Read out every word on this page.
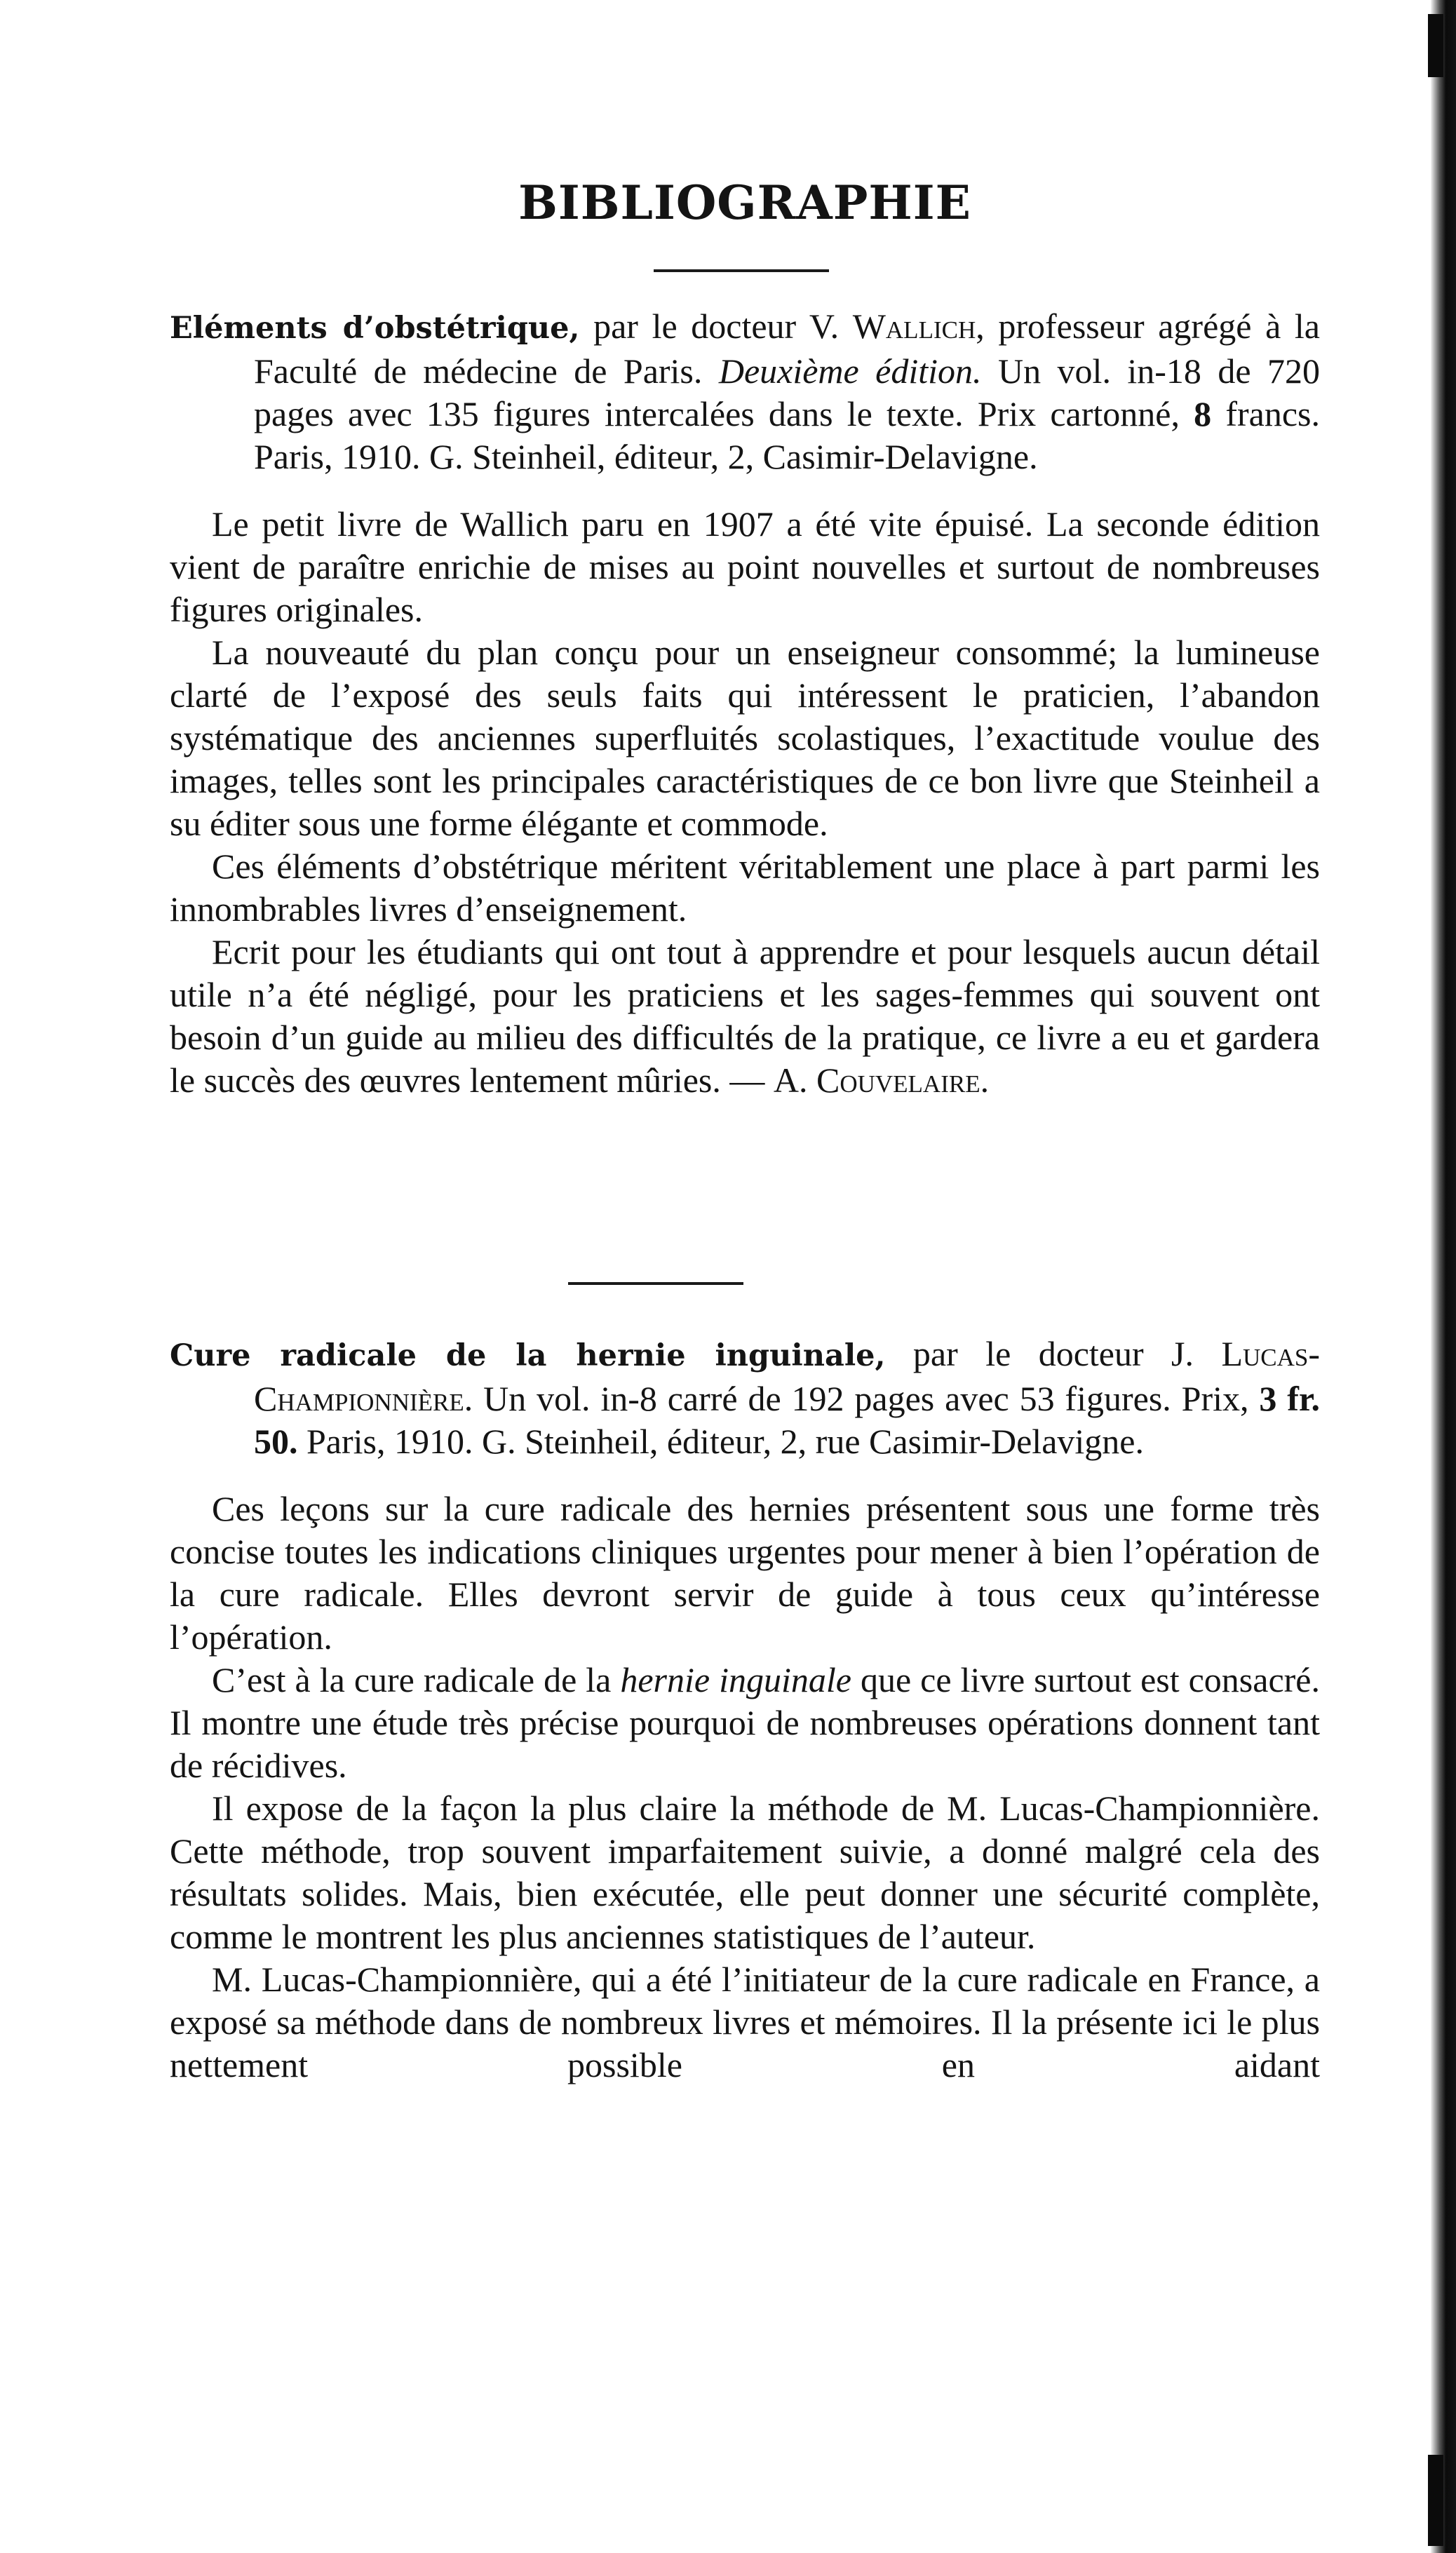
BIBLIOGRAPHIE

Eléments d’obstétrique, par le docteur V. Wallich, professeur agrégé à la Faculté de médecine de Paris. Deuxième édition. Un vol. in-18 de 720 pages avec 135 figures intercalées dans le texte. Prix cartonné, 8 francs. Paris, 1910. G. Steinheil, éditeur, 2, Casimir-Delavigne.

Le petit livre de Wallich paru en 1907 a été vite épuisé. La seconde édition vient de paraître enrichie de mises au point nouvelles et surtout de nombreuses figures originales.

La nouveauté du plan conçu pour un enseigneur consommé; la lumineuse clarté de l’exposé des seuls faits qui intéressent le praticien, l’abandon systématique des anciennes superfluités scolastiques, l’exactitude voulue des images, telles sont les principales caractéristiques de ce bon livre que Steinheil a su éditer sous une forme élégante et commode.

Ces éléments d’obstétrique méritent véritablement une place à part parmi les innombrables livres d’enseignement.

Ecrit pour les étudiants qui ont tout à apprendre et pour lesquels aucun détail utile n’a été négligé, pour les praticiens et les sages-femmes qui souvent ont besoin d’un guide au milieu des difficultés de la pratique, ce livre a eu et gardera le succès des œuvres lentement mûries. — A. Couvelaire.

Cure radicale de la hernie inguinale, par le docteur J. Lucas-Championnière. Un vol. in-8 carré de 192 pages avec 53 figures. Prix, 3 fr. 50. Paris, 1910. G. Steinheil, éditeur, 2, rue Casimir-Delavigne.

Ces leçons sur la cure radicale des hernies présentent sous une forme très concise toutes les indications cliniques urgentes pour mener à bien l’opération de la cure radicale. Elles devront servir de guide à tous ceux qu’intéresse l’opération.

C’est à la cure radicale de la hernie inguinale que ce livre surtout est consacré. Il montre une étude très précise pourquoi de nombreuses opérations donnent tant de récidives.

Il expose de la façon la plus claire la méthode de M. Lucas-Championnière. Cette méthode, trop souvent imparfaitement suivie, a donné malgré cela des résultats solides. Mais, bien exécutée, elle peut donner une sécurité complète, comme le montrent les plus anciennes statistiques de l’auteur.

M. Lucas-Championnière, qui a été l’initiateur de la cure radicale en France, a exposé sa méthode dans de nombreux livres et mémoires. Il la présente ici le plus nettement possible en aidant
